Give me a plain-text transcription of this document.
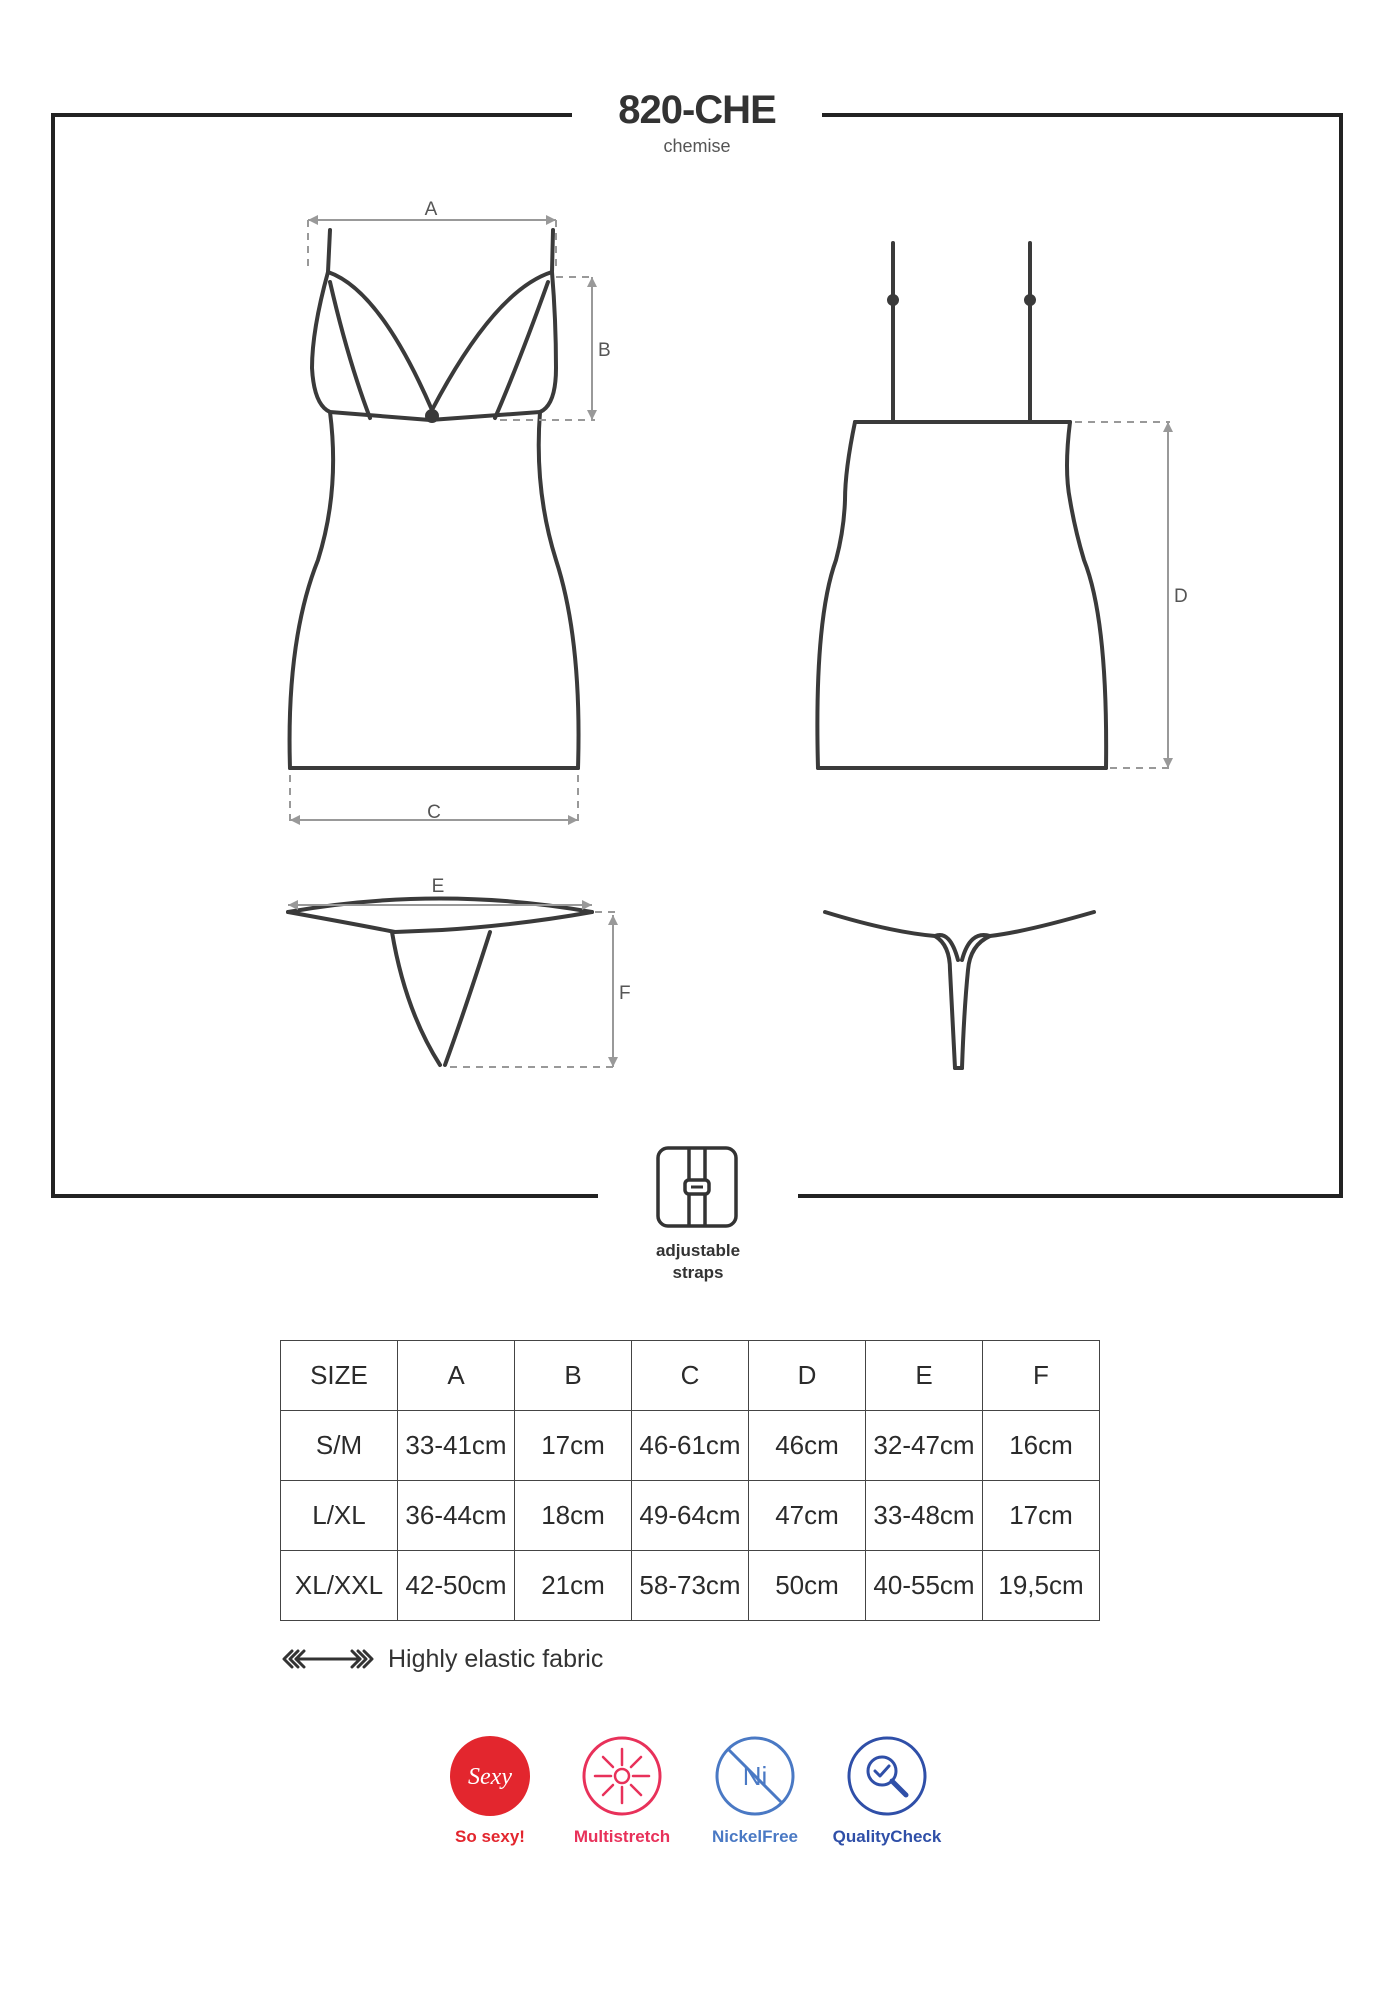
820-CHE
chemise
A
B
C
D
E
F
adjustable
straps
SIZE	A	B	C	D	E	F
S/M	33-41cm	17cm	46-61cm	46cm	32-47cm	16cm
L/XL	36-44cm	18cm	49-64cm	47cm	33-48cm	17cm
XL/XXL	42-50cm	21cm	58-73cm	50cm	40-55cm	19,5cm
Highly elastic fabric
Sexy
So sexy!	Multistretch
Ni
NickelFree	QualityCheck
